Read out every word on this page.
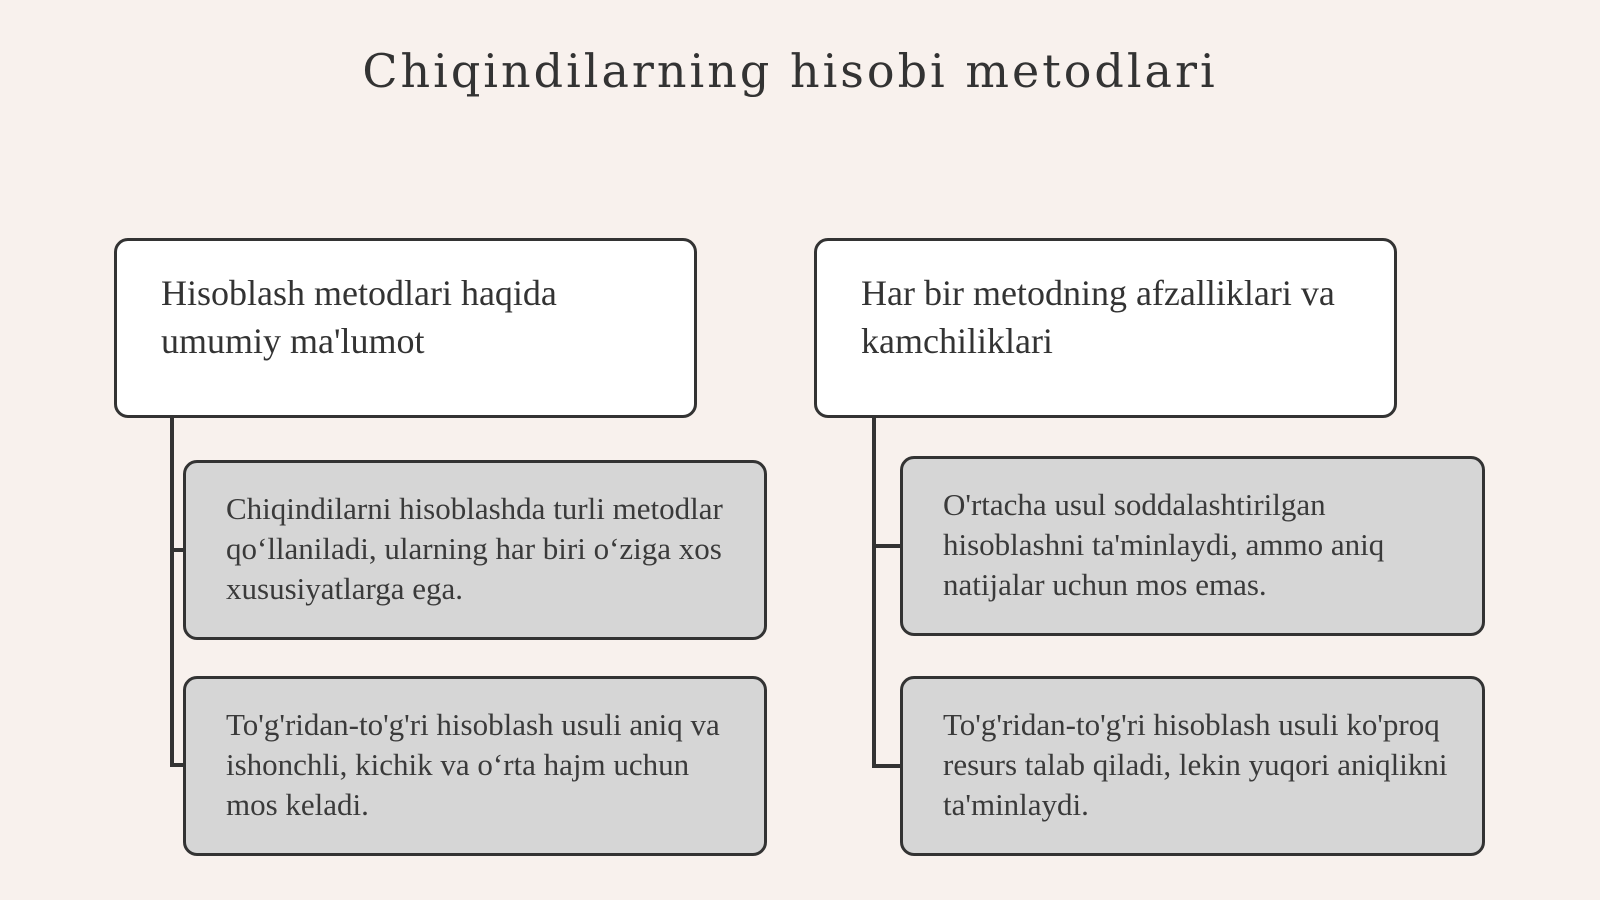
Chiqindilarning hisobi metodlari
Hisoblash metodlari haqida umumiy ma'lumot
Chiqindilarni hisoblashda turli metodlar qo‘llaniladi, ularning har biri o‘ziga xos xususiyatlarga ega.
To'g'ridan-to'g'ri hisoblash usuli aniq va ishonchli, kichik va o‘rta hajm uchun mos keladi.
Har bir metodning afzalliklari va kamchiliklari
O'rtacha usul soddalashtirilgan hisoblashni ta'minlaydi, ammo aniq natijalar uchun mos emas.
To'g'ridan-to'g'ri hisoblash usuli ko'proq resurs talab qiladi, lekin yuqori aniqlikni ta'minlaydi.
